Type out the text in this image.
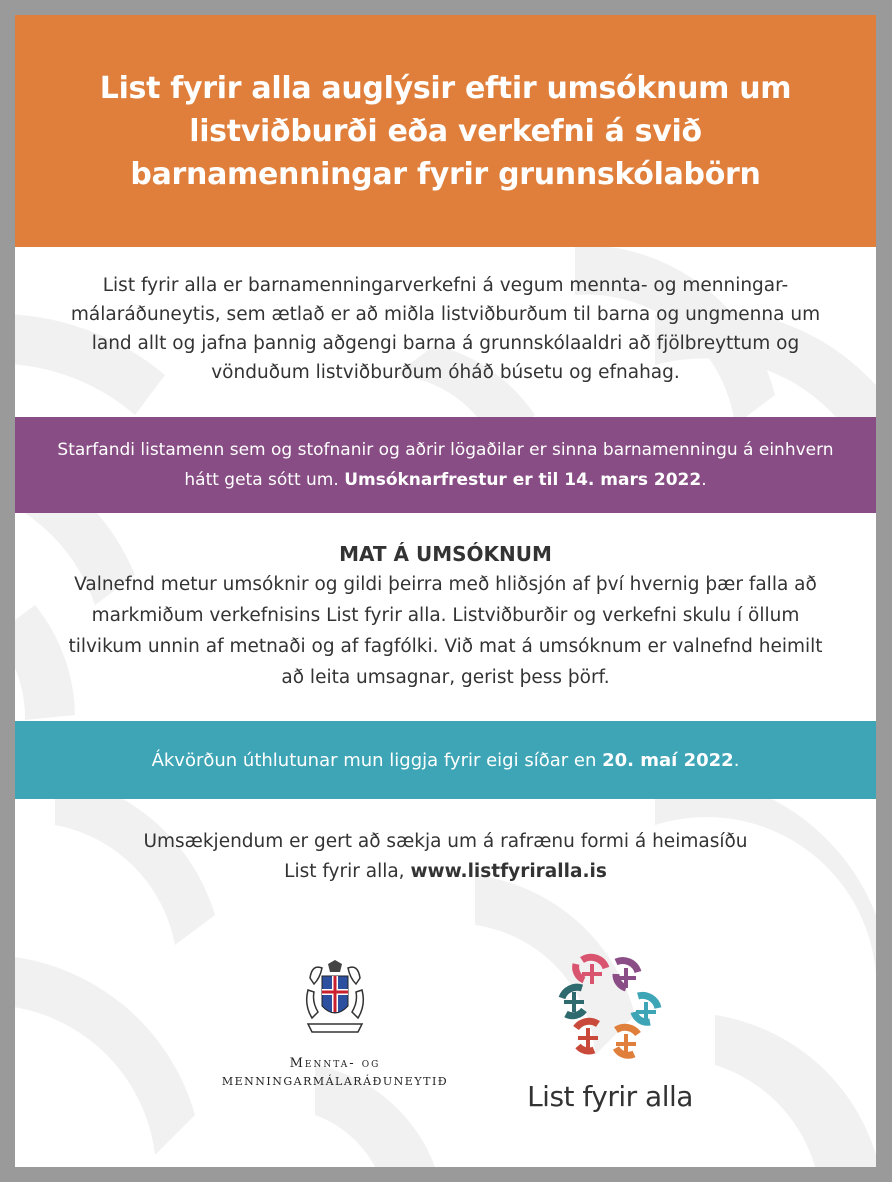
List fyrir alla auglýsir eftir umsóknum um listviðburði eða verkefni á svið barnamenningar fyrir grunnskólabörn

List fyrir alla er barnamenningarverkefni á vegum mennta- og menningar-málaráðuneytis, sem ætlað er að miðla listviðburðum til barna og ungmenna um land allt og jafna þannig aðgengi barna á grunnskólaaldri að fjölbreyttum og vönduðum listviðburðum óháð búsetu og efnahag.

Starfandi listamenn sem og stofnanir og aðrir lögaðilar er sinna barnamenningu á einhvern hátt geta sótt um. Umsóknarfrestur er til 14. mars 2022.

MAT Á UMSÓKNUM

Valnefnd metur umsóknir og gildi þeirra með hliðsjón af því hvernig þær falla að markmiðum verkefnisins List fyrir alla. Listviðburðir og verkefni skulu í öllum tilvikum unnin af metnaði og af fagfólki. Við mat á umsóknum er valnefnd heimilt að leita umsagnar, gerist þess þörf.

Ákvörðun úthlutunar mun liggja fyrir eigi síðar en 20. maí 2022.

Umsækjendum er gert að sækja um á rafrænu formi á heimasíðu

List fyrir alla, www.listfyriralla.is

Mennta- og
MENNINGARMÁLARÁÐUNEYTIÐ	List fyrir alla
